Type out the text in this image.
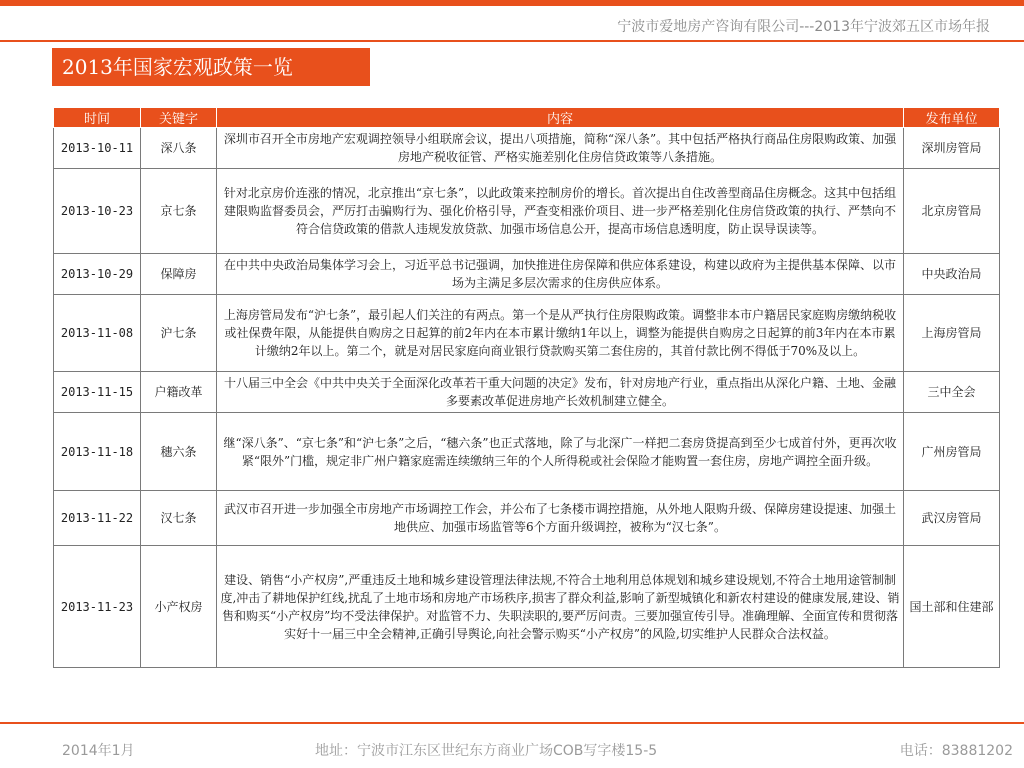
宁波市爱地房产咨询有限公司---2013年宁波郊五区市场年报
2013年国家宏观政策一览
时间	关键字	内容	发布单位
2013-10-11	深八条	深圳市召开全市房地产宏观调控领导小组联席会议，提出八项措施，简称“深八条”。其中包括严格执行商品住房限购政策、加强房地产税收征管、严格实施差别化住房信贷政策等八条措施。	深圳房管局
2013-10-23	京七条	针对北京房价连涨的情况，北京推出“京七条”，以此政策来控制房价的增长。首次提出自住改善型商品住房概念。这其中包括组建限购监督委员会，严厉打击骗购行为、强化价格引导，严查变相涨价项目、进一步严格差别化住房信贷政策的执行、严禁向不符合信贷政策的借款人违规发放贷款、加强市场信息公开，提高市场信息透明度，防止误导误读等。	北京房管局
2013-10-29	保障房	在中共中央政治局集体学习会上，习近平总书记强调，加快推进住房保障和供应体系建设，构建以政府为主提供基本保障、以市场为主满足多层次需求的住房供应体系。	中央政治局
2013-11-08	沪七条	上海房管局发布“沪七条”，最引起人们关注的有两点。第一个是从严执行住房限购政策。调整非本市户籍居民家庭购房缴纳税收或社保费年限，从能提供自购房之日起算的前2年内在本市累计缴纳1年以上，调整为能提供自购房之日起算的前3年内在本市累计缴纳2年以上。第二个，就是对居民家庭向商业银行贷款购买第二套住房的，其首付款比例不得低于70%及以上。	上海房管局
2013-11-15	户籍改革	十八届三中全会《中共中央关于全面深化改革若干重大问题的决定》发布，针对房地产行业，重点指出从深化户籍、土地、金融多要素改革促进房地产长效机制建立健全。	三中全会
2013-11-18	穗六条	继“深八条”、“京七条”和“沪七条”之后，“穗六条”也正式落地，除了与北深广一样把二套房贷提高到至少七成首付外，更再次收紧“限外”门槛，规定非广州户籍家庭需连续缴纳三年的个人所得税或社会保险才能购置一套住房，房地产调控全面升级。	广州房管局
2013-11-22	汉七条	武汉市召开进一步加强全市房地产市场调控工作会，并公布了七条楼市调控措施，从外地人限购升级、保障房建设提速、加强土地供应、加强市场监管等6个方面升级调控，被称为“汉七条”。	武汉房管局
2013-11-23	小产权房	建设、销售“小产权房”,严重违反土地和城乡建设管理法律法规,不符合土地利用总体规划和城乡建设规划,不符合土地用途管制制度,冲击了耕地保护红线,扰乱了土地市场和房地产市场秩序,损害了群众利益,影响了新型城镇化和新农村建设的健康发展,建设、销售和购买“小产权房”均不受法律保护。对监管不力、失职渎职的,要严厉问责。三要加强宣传引导。准确理解、全面宣传和贯彻落实好十一届三中全会精神,正确引导舆论,向社会警示购买“小产权房”的风险,切实维护人民群众合法权益。	国土部和住建部
2014年1月	地址：宁波市江东区世纪东方商业广场COB写字楼15-5	电话：83881202
